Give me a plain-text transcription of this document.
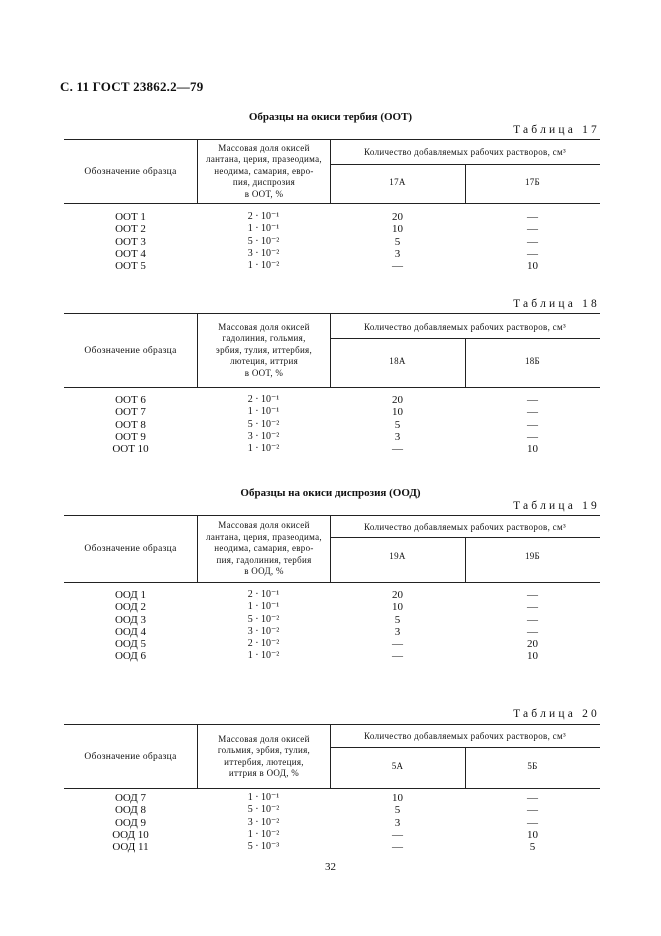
С. 11 ГОСТ 23862.2—79
Образцы на окиси тербия (ООТ)
Таблица 17
Обозначение образца
Массовая доля окисей
лантана, церия, празеодима,
неодима, самария, евро-
пия, диспрозия
в ООТ, %
Количество добавляемых рабочих растворов, см³
17А	17Б
ООТ 1	2 · 10⁻¹	20	—
ООТ 2	1 · 10⁻¹	10	—
ООТ 3	5 · 10⁻²	5	—
ООТ 4	3 · 10⁻²	3	—
ООТ 5	1 · 10⁻²	—	10
Таблица 18
Обозначение образца
Массовая доля окисей
гадолиния, гольмия,
эрбия, тулия, иттербия,
лютеция, иттрия
в ООТ, %
Количество добавляемых рабочих растворов, см³
18А	18Б
ООТ 6	2 · 10⁻¹	20	—
ООТ 7	1 · 10⁻¹	10	—
ООТ 8	5 · 10⁻²	5	—
ООТ 9	3 · 10⁻²	3	—
ООТ 10	1 · 10⁻²	—	10
Образцы на окиси диспрозия (ООД)
Таблица 19
Обозначение образца
Массовая доля окисей
лантана, церия, празеодима,
неодима, самария, евро-
пия, гадолиния, тербия
в ООД, %
Количество добавляемых рабочих растворов, см³
19А	19Б
ООД 1	2 · 10⁻¹	20	—
ООД 2	1 · 10⁻¹	10	—
ООД 3	5 · 10⁻²	5	—
ООД 4	3 · 10⁻²	3	—
ООД 5	2 · 10⁻²	—	20
ООД 6	1 · 10⁻²	—	10
Таблица 20
Обозначение образца
Массовая доля окисей
гольмия, эрбия, тулия,
иттербия, лютеция,
иттрия в ООД, %
Количество добавляемых рабочих растворов, см³
5А	5Б
ООД 7	1 · 10⁻¹	10	—
ООД 8	5 · 10⁻²	5	—
ООД 9	3 · 10⁻²	3	—
ООД 10	1 · 10⁻²	—	10
ООД 11	5 · 10⁻³	—	5
32
